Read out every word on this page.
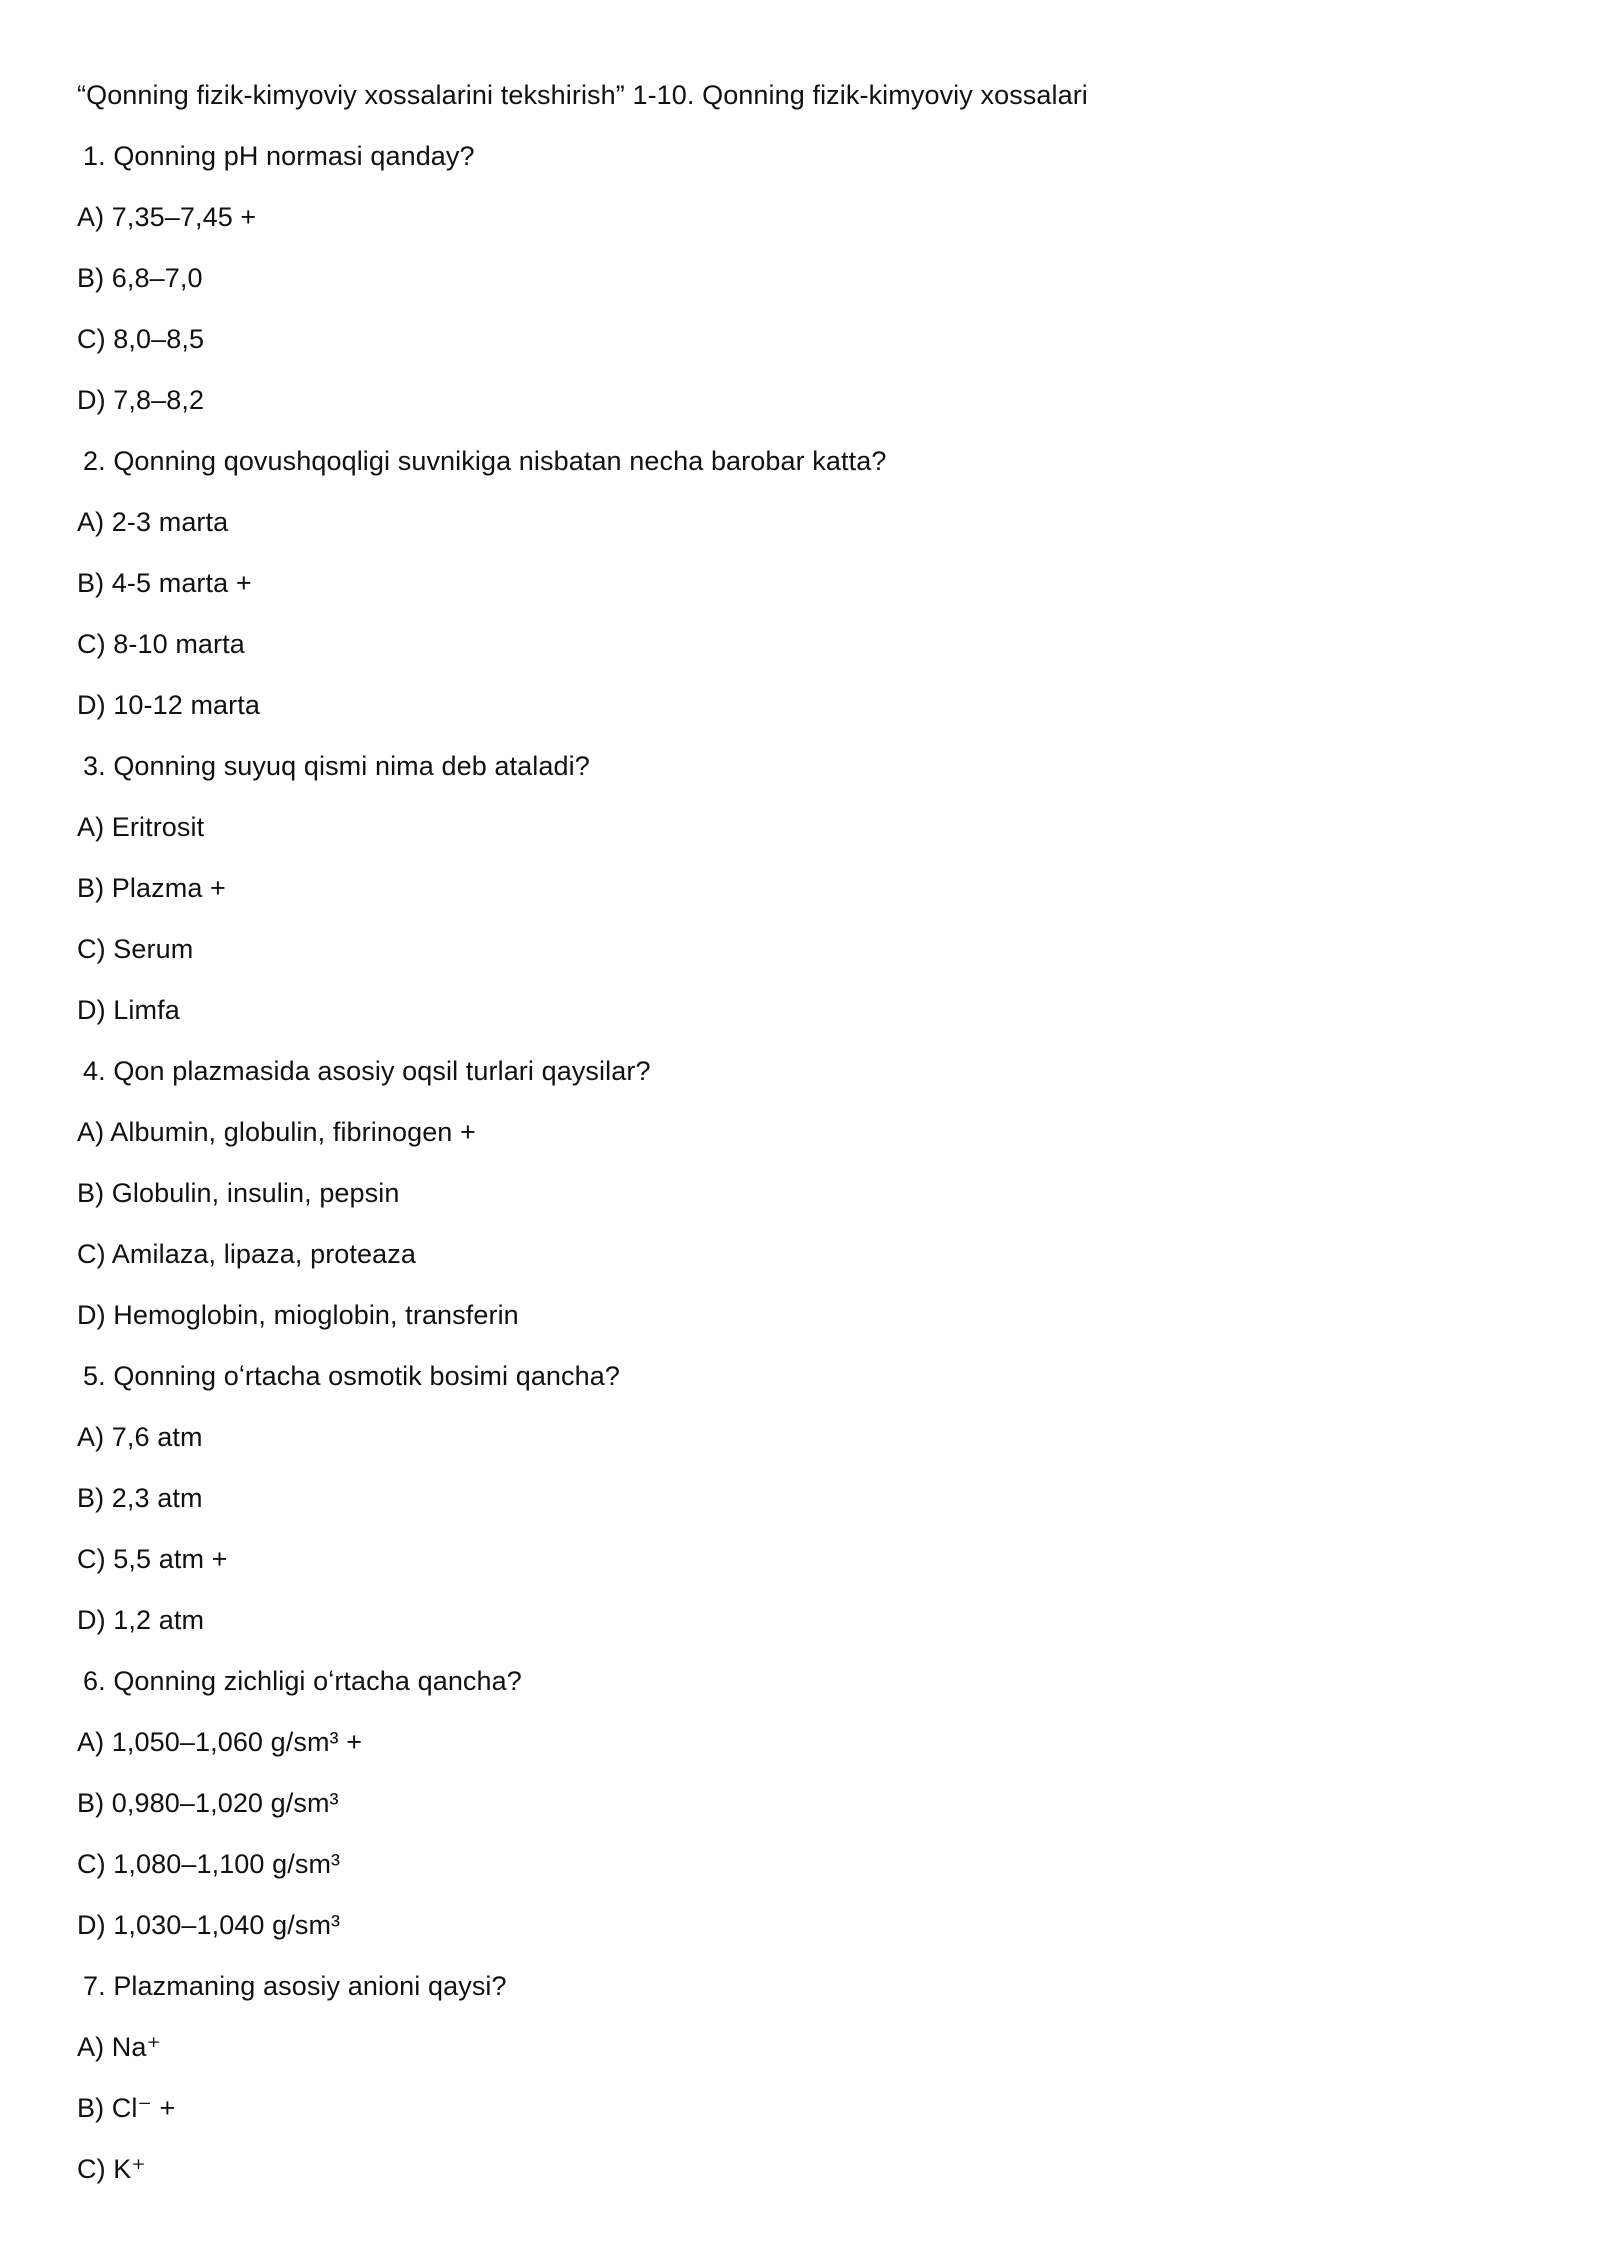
“Qonning fizik-kimyoviy xossalarini tekshirish” 1-10. Qonning fizik-kimyoviy xossalari
1. Qonning pH normasi qanday?
A) 7,35–7,45 +
B) 6,8–7,0
C) 8,0–8,5
D) 7,8–8,2
2. Qonning qovushqoqligi suvnikiga nisbatan necha barobar katta?
A) 2-3 marta
B) 4-5 marta +
C) 8-10 marta
D) 10-12 marta
3. Qonning suyuq qismi nima deb ataladi?
A) Eritrosit
B) Plazma +
C) Serum
D) Limfa
4. Qon plazmasida asosiy oqsil turlari qaysilar?
A) Albumin, globulin, fibrinogen +
B) Globulin, insulin, pepsin
C) Amilaza, lipaza, proteaza
D) Hemoglobin, mioglobin, transferin
5. Qonning oʻrtacha osmotik bosimi qancha?
A) 7,6 atm
B) 2,3 atm
C) 5,5 atm +
D) 1,2 atm
6. Qonning zichligi oʻrtacha qancha?
A) 1,050–1,060 g/sm³ +
B) 0,980–1,020 g/sm³
C) 1,080–1,100 g/sm³
D) 1,030–1,040 g/sm³
7. Plazmaning asosiy anioni qaysi?
A) Na⁺
B) Cl⁻ +
C) K⁺
